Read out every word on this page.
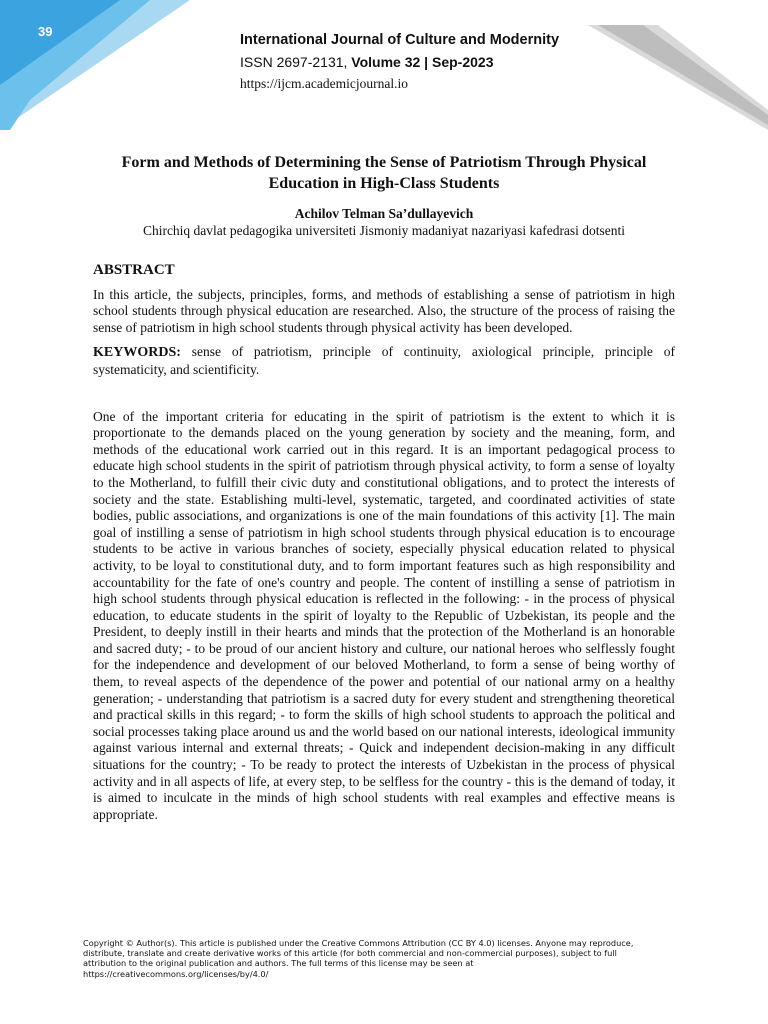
39
International Journal of Culture and Modernity
ISSN 2697-2131, Volume 32 | Sep-2023
https://ijcm.academicjournal.io
Form and Methods of Determining the Sense of Patriotism Through Physical Education in High-Class Students
Achilov Telman Sa’dullayevich
Chirchiq davlat pedagogika universiteti Jismoniy madaniyat nazariyasi kafedrasi dotsenti
ABSTRACT

In this article, the subjects, principles, forms, and methods of establishing a sense of patriotism in high school students through physical education are researched. Also, the structure of the process of raising the sense of patriotism in high school students through physical activity has been developed.

KEYWORDS: sense of patriotism, principle of continuity, axiological principle, principle of systematicity, and scientificity.

One of the important criteria for educating in the spirit of patriotism is the extent to which it is proportionate to the demands placed on the young generation by society and the meaning, form, and methods of the educational work carried out in this regard. It is an important pedagogical process to educate high school students in the spirit of patriotism through physical activity, to form a sense of loyalty to the Motherland, to fulfill their civic duty and constitutional obligations, and to protect the interests of society and the state. Establishing multi-level, systematic, targeted, and coordinated activities of state bodies, public associations, and organizations is one of the main foundations of this activity [1]. The main goal of instilling a sense of patriotism in high school students through physical education is to encourage students to be active in various branches of society, especially physical education related to physical activity, to be loyal to constitutional duty, and to form important features such as high responsibility and accountability for the fate of one's country and people. The content of instilling a sense of patriotism in high school students through physical education is reflected in the following: - in the process of physical education, to educate students in the spirit of loyalty to the Republic of Uzbekistan, its people and the President, to deeply instill in their hearts and minds that the protection of the Motherland is an honorable and sacred duty; - to be proud of our ancient history and culture, our national heroes who selflessly fought for the independence and development of our beloved Motherland, to form a sense of being worthy of them, to reveal aspects of the dependence of the power and potential of our national army on a healthy generation; - understanding that patriotism is a sacred duty for every student and strengthening theoretical and practical skills in this regard; - to form the skills of high school students to approach the political and social processes taking place around us and the world based on our national interests, ideological immunity against various internal and external threats; - Quick and independent decision-making in any difficult situations for the country; - To be ready to protect the interests of Uzbekistan in the process of physical activity and in all aspects of life, at every step, to be selfless for the country - this is the demand of today, it is aimed to inculcate in the minds of high school students with real examples and effective means is appropriate.

Copyright © Author(s). This article is published under the Creative Commons Attribution (CC BY 4.0) licenses. Anyone may reproduce, distribute, translate and create derivative works of this article (for both commercial and non-commercial purposes), subject to full attribution to the original publication and authors. The full terms of this license may be seen at https://creativecommons.org/licenses/by/4.0/
